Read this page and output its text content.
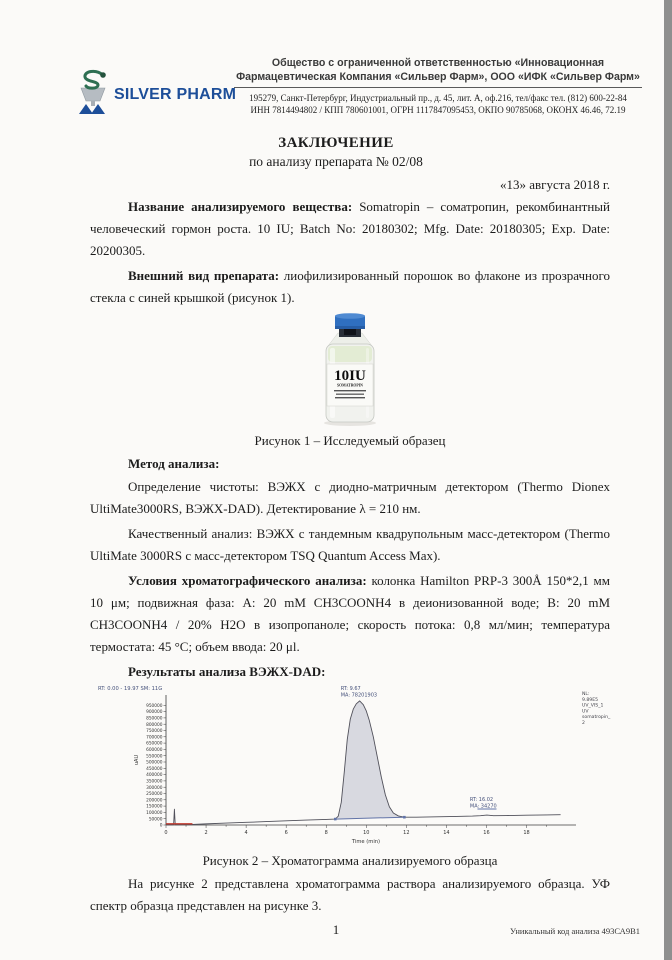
SILVER PHARM
Общество с ограниченной ответственностью «Инновационная
Фармацевтическая Компания «Сильвер Фарм», ООО «ИФК «Сильвер Фарм»
195279, Санкт-Петербург, Индустриальный пр., д. 45, лит. А, оф.216, тел/факс тел. (812) 600-22-84
ИНН 7814494802 / КПП 780601001, ОГРН 1117847095453, ОКПО 90785068, ОКОНХ 46.46, 72.19
ЗАКЛЮЧЕНИЕ
по анализу препарата № 02/08
«13» августа 2018 г.
Название анализируемого вещества: Somatropin – соматропин, рекомбинантный человеческий гормон роста. 10 IU; Batch No: 20180302; Mfg. Date: 20180305; Exp. Date: 20200305.
Внешний вид препарата: лиофилизированный порошок во флаконе из прозрачного стекла с синей крышкой (рисунок 1).
10IU
SOMATROPIN
Рисунок 1 – Исследуемый образец
Метод анализа:
Определение чистоты: ВЭЖХ с диодно-матричным детектором (Thermo Dionex UltiMate3000RS, ВЭЖХ-DAD). Детектирование λ = 210 нм.
Качественный анализ: ВЭЖХ с тандемным квадрупольным масс-детектором (Thermo UltiMate 3000RS с масс-детектором TSQ Quantum Access Max).
Условия хроматографического анализа: колонка Hamilton PRP-3 300Å 150*2,1 мм 10 μм; подвижная фаза: А: 20 mM CH3COONH4 в деионизованной воде; В: 20 mM CH3COONH4 / 20% H2O в изопропаноле; скорость потока: 0,8 мл/мин; температура термостата: 45 °C; объем ввода: 20 μl.
Результаты анализа ВЭЖХ-DAD:
RT: 0.00 - 19.97 SM: 11G
0
50000
100000
150000
200000
250000
300000
350000
400000
450000
500000
550000
600000
650000
700000
750000
800000
850000
900000
950000
uAU
0	2	4	6	8	10	12	14	16	18
Time (min)
RT: 9.67
MA: 78201903
RT: 16.02
MA: 34270
NL:
9.89E5
UV_VIS_1
UV
somatropin_
2
Рисунок 2 – Хроматограмма анализируемого образца
На рисунке 2 представлена хроматограмма раствора анализируемого образца. УФ спектр образца представлен на рисунке 3.
1	Уникальный код анализа 493СА9В1
